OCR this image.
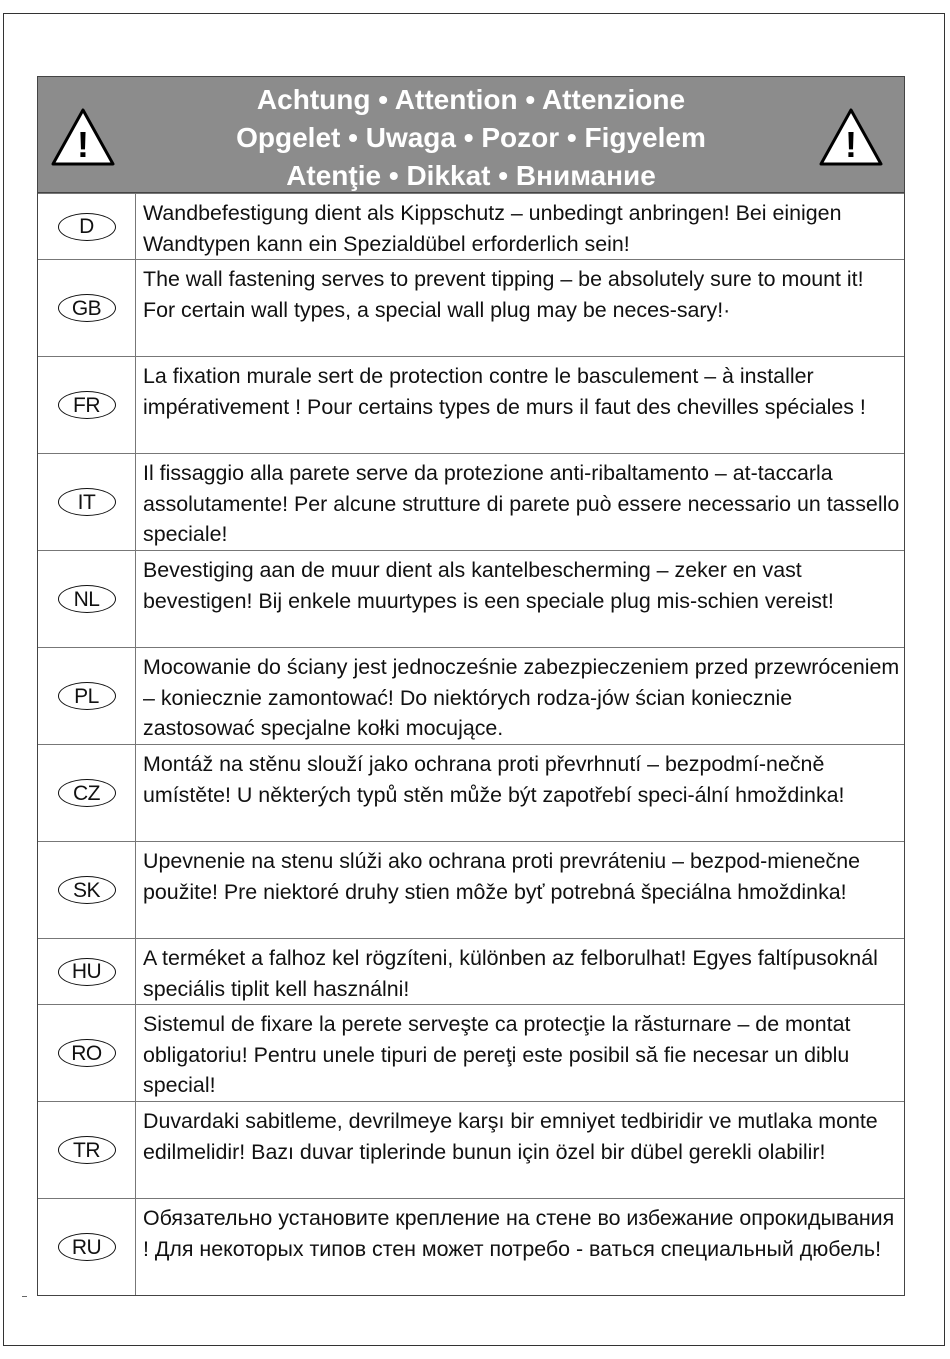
!
Achtung • Attention • Attenzione
Opgelet • Uwaga • Pozor • Figyelem
Atenţie • Dikkat • Внимание
!
D
Wandbefestigung dient als Kippschutz – unbedingt anbringen! Bei einigen Wandtypen kann ein Spezialdübel erforderlich sein!
GB
The wall fastening serves to prevent tipping – be absolutely sure to mount it! For certain wall types, a special wall plug may be neces-sary!·
FR
La fixation murale sert de protection contre le basculement – à installer impérativement ! Pour certains types de murs il faut des chevilles spéciales !
IT
Il fissaggio alla parete serve da protezione anti-ribaltamento – at-taccarla assolutamente! Per alcune strutture di parete può essere necessario un tassello speciale!
NL
Bevestiging aan de muur dient als kantelbescherming – zeker en vast bevestigen! Bij enkele muurtypes is een speciale plug mis-schien vereist!
PL
Mocowanie do ściany jest jednocześnie zabezpieczeniem przed przewróceniem – koniecznie zamontować! Do niektórych rodza-jów ścian koniecznie zastosować specjalne kołki mocujące.
CZ
Montáž na stěnu slouží jako ochrana proti převrhnutí – bezpodmí-nečně umístěte! U některých typů stěn může být zapotřebí speci-ální hmoždinka!
SK
Upevnenie na stenu slúži ako ochrana proti prevráteniu – bezpod-mienečne použite! Pre niektoré druhy stien môže byť potrebná špeciálna hmoždinka!
HU
A terméket a falhoz kel rögzíteni, különben az felborulhat! Egyes faltípusoknál speciális tiplit kell használni!
RO
Sistemul de fixare la perete serveşte ca protecţie la răsturnare – de montat obligatoriu! Pentru unele tipuri de pereţi este posibil să fie necesar un diblu special!
TR
Duvardaki sabitleme, devrilmeye karşı bir emniyet tedbiridir ve mutlaka monte edilmelidir! Bazı duvar tiplerinde bunun için özel bir dübel gerekli olabilir!
RU
Обязательно установите крепление на стене во избежание опрокидывания ! Для некоторых типов стен может потребо - ваться специальный дюбель!
